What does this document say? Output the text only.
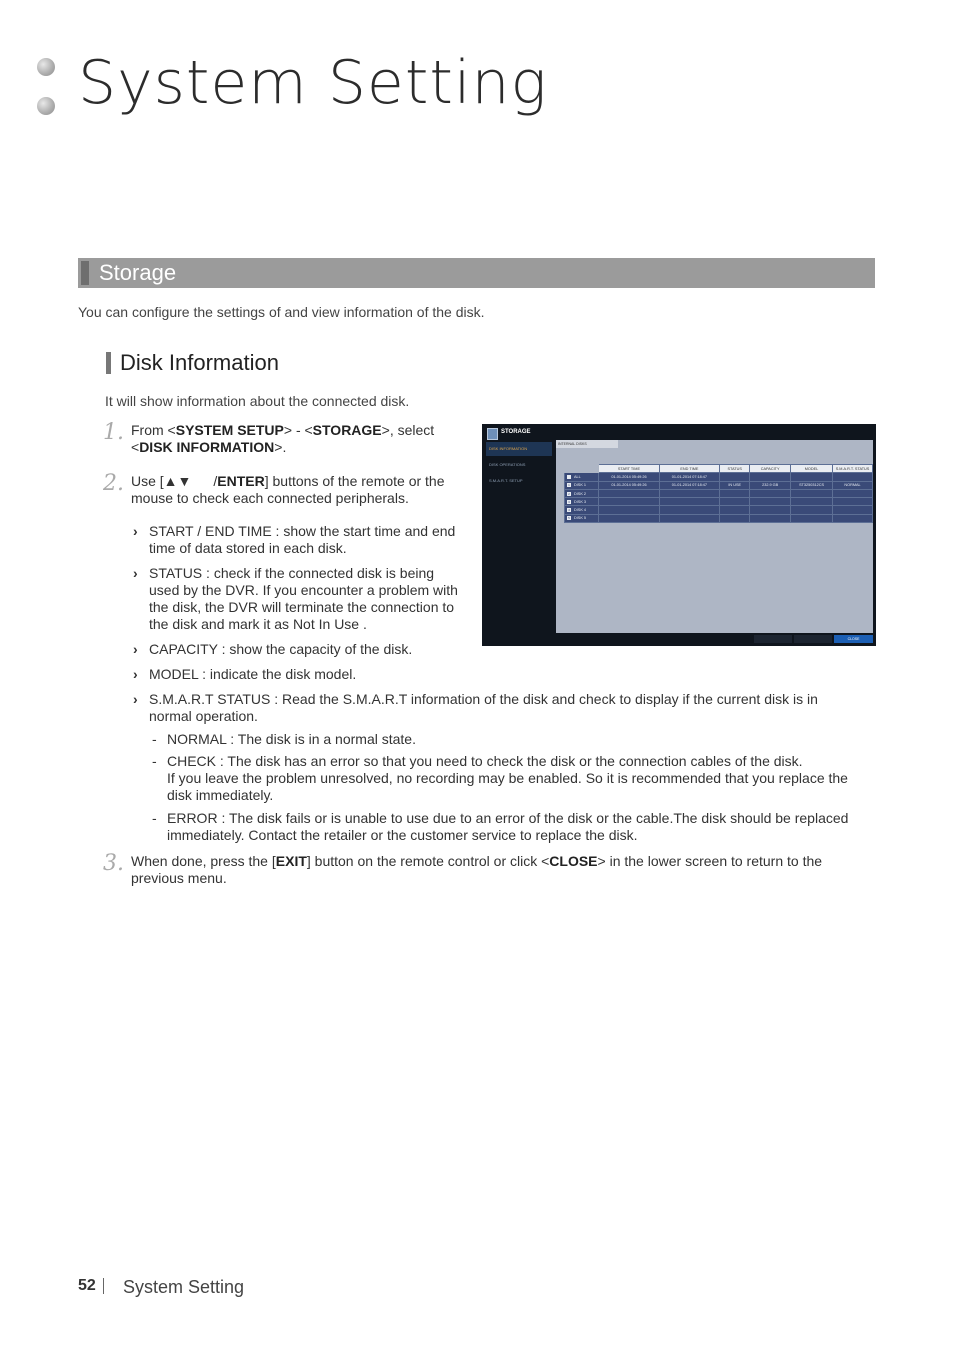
System Setting
Storage
You can configure the settings of and view information of the disk.
Disk Information
It will show information about the connected disk.
1. From <SYSTEM SETUP> - <STORAGE>, select
<DISK INFORMATION>.
2. Use [▲▼ /ENTER] buttons of the remote or the
mouse to check each connected peripherals.
› START / END TIME : show the start time and end
time of data stored in each disk.
› STATUS : check if the connected disk is being
used by the DVR. If you encounter a problem with
the disk, the DVR will terminate the connection to
the disk and mark it as Not In Use .
› CAPACITY : show the capacity of the disk.
› MODEL : indicate the disk model.
› S.M.A.R.T STATUS : Read the S.M.A.R.T information of the disk and check to display if the current disk is in
normal operation.
- NORMAL : The disk is in a normal state.
- CHECK : The disk has an error so that you need to check the disk or the connection cables of the disk.
If you leave the problem unresolved, no recording may be enabled. So it is recommended that you replace the
disk immediately.
- ERROR : The disk fails or is unable to use due to an error of the disk or the cable.The disk should be replaced
immediately. Contact the retailer or the customer service to replace the disk.
3. When done, press the [EXIT] button on the remote control or click <CLOSE> in the lower screen to return to the
previous menu.
STORAGE
DISK INFORMATION
DISK OPERATIONS
S.M.A.R.T. SETUP
INTERNAL DISKS
	START TIME	END TIME	STATUS	CAPACITY	MODEL	S.M.A.R.T. STATUS
ALL	01-01-2014 05:49:26	01-01-2014 07:18:47				
1 DISK 1	01-01-2014 05:49:26	01-01-2014 07:18:47	IN USE	232.9 GB	ST3250312CS	NORMAL
2 DISK 2						
3 DISK 3						
4 DISK 4						
5 DISK 5						
CLOSE
52 System Setting
